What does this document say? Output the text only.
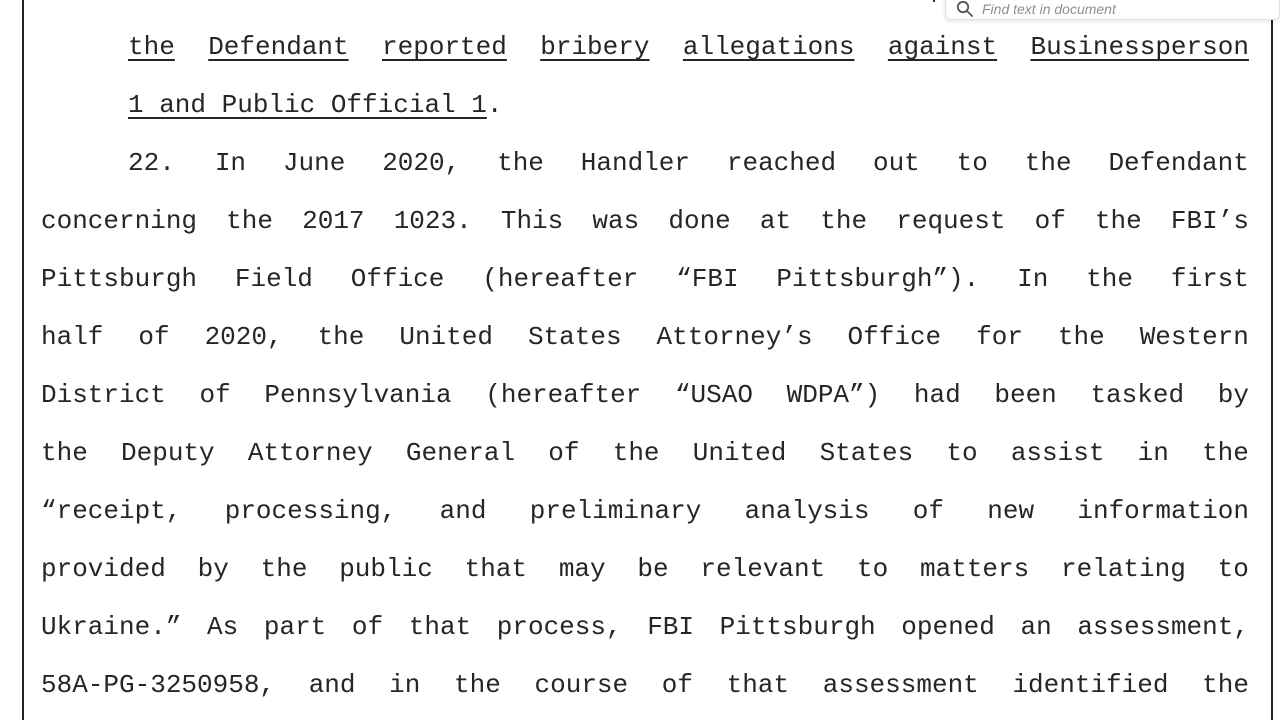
Find text in document
the Defendant reported bribery allegations against Businessperson
1 and Public Official 1.
22. In June 2020, the Handler reached out to the Defendant
concerning the 2017 1023. This was done at the request of the FBI’s
Pittsburgh Field Office (hereafter “FBI Pittsburgh”). In the first
half of 2020, the United States Attorney’s Office for the Western
District of Pennsylvania (hereafter “USAO WDPA”) had been tasked by
the Deputy Attorney General of the United States to assist in the
“receipt, processing, and preliminary analysis of new information
provided by the public that may be relevant to matters relating to
Ukraine.” As part of that process, FBI Pittsburgh opened an assessment,
58A-PG-3250958, and in the course of that assessment identified the
